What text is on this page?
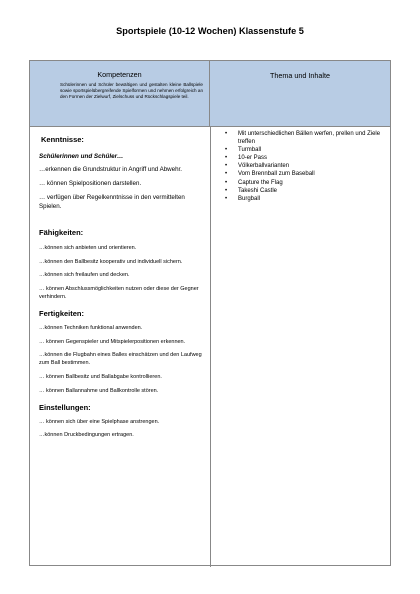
Sportspiele (10-12 Wochen) Klassenstufe 5
Kompetenzen
Schülerinnen und Schüler bewältigen und gestalten kleine Ballspiele sowie sportspielübergreifende Spielformen und nehmen erfolgreich an den Formen der Zielwurf, Zielschuss und Rückschlagspiele teil.
Thema und Inhalte

Kenntnisse:

Schülerinnen und Schüler…

…erkennen die Grundstruktur in Angriff und Abwehr.

… können Spielpositionen darstellen.

… verfügen über Regelkenntnisse in den vermittelten Spielen.

Fähigkeiten:

…können sich anbieten und orientieren.

…können den Ballbesitz kooperativ und individuell sichern.

…können sich freilaufen und decken.

… können Abschlussmöglichkeiten nutzen oder diese der Gegner verhindern.

Fertigkeiten:

…können Techniken funktional anwenden.

… können Gegenspieler und Mitspielerpositionen erkennen.

…können die Flugbahn eines Balles einschätzen und den Laufweg zum Ball bestimmen.

… können Ballbesitz und Ballabgabe kontrollieren.

… können Ballannahme und Ballkontrolle stören.

Einstellungen:

… können sich über eine Spielphase anstrengen.

…können Druckbedingungen ertragen.

• Mit unterschiedlichen Bällen werfen, prellen und Ziele treffen
• Turmball
• 10-er Pass
• Völkerballvarianten
• Vom Brennball zum Baseball
• Capture the Flag
• Takeshi Castle
• Burgball
